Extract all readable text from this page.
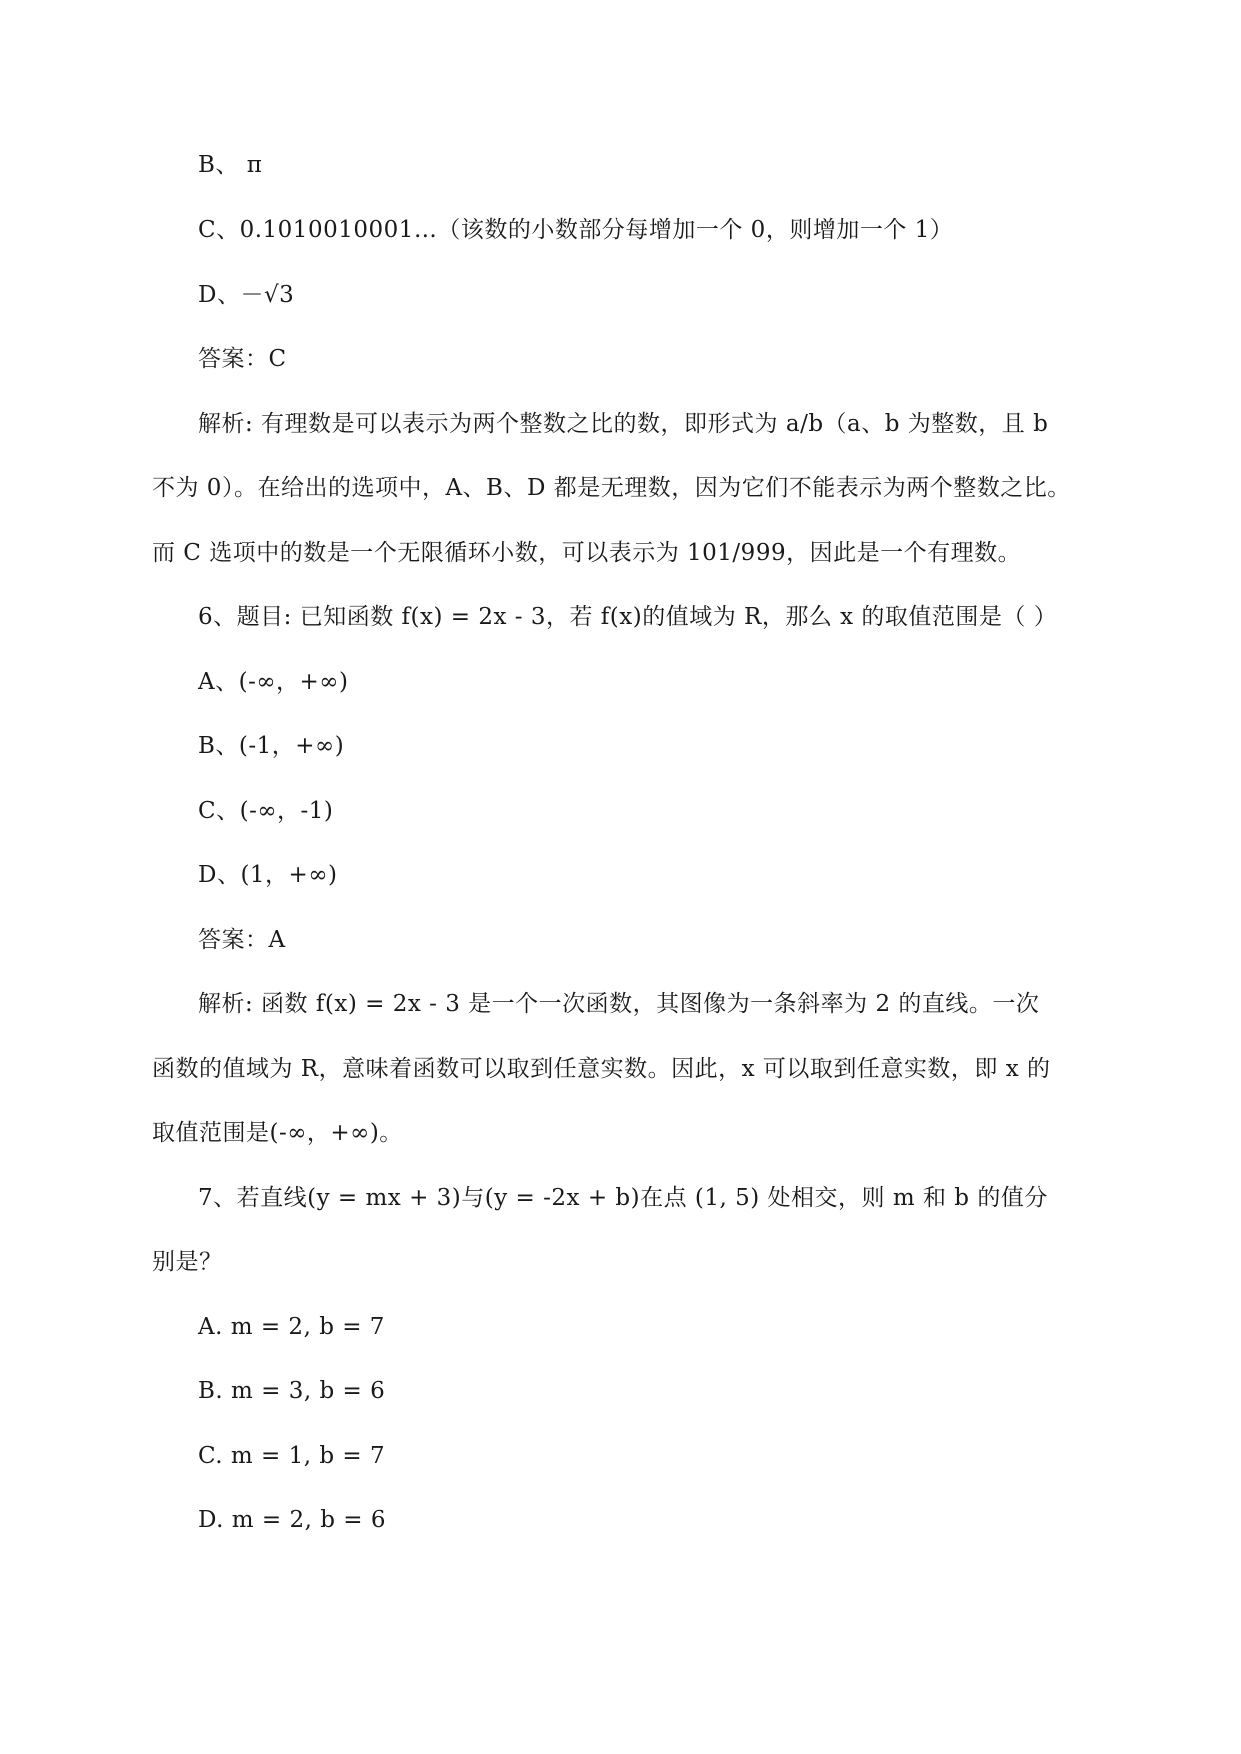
B、 π
C、0.1010010001…（该数的小数部分每增加一个 0，则增加一个 1）
D、－√3
答案：C
解析: 有理数是可以表示为两个整数之比的数，即形式为 a/b（a、b 为整数，且 b
不为 0）。在给出的选项中，A、B、D 都是无理数，因为它们不能表示为两个整数之比。
而 C 选项中的数是一个无限循环小数，可以表示为 101/999，因此是一个有理数。
6、题目: 已知函数 f(x) = 2x - 3，若 f(x)的值域为 R，那么 x 的取值范围是（ ）
A、(-∞，+∞)
B、(-1，+∞)
C、(-∞，-1)
D、(1，+∞)
答案：A
解析: 函数 f(x) = 2x - 3 是一个一次函数，其图像为一条斜率为 2 的直线。一次
函数的值域为 R，意味着函数可以取到任意实数。因此，x 可以取到任意实数，即 x 的
取值范围是(-∞，+∞)。
7、若直线(y = mx + 3)与(y = -2x + b)在点 (1, 5) 处相交，则 m 和 b 的值分
别是？
A. m = 2, b = 7
B. m = 3, b = 6
C. m = 1, b = 7
D. m = 2, b = 6
